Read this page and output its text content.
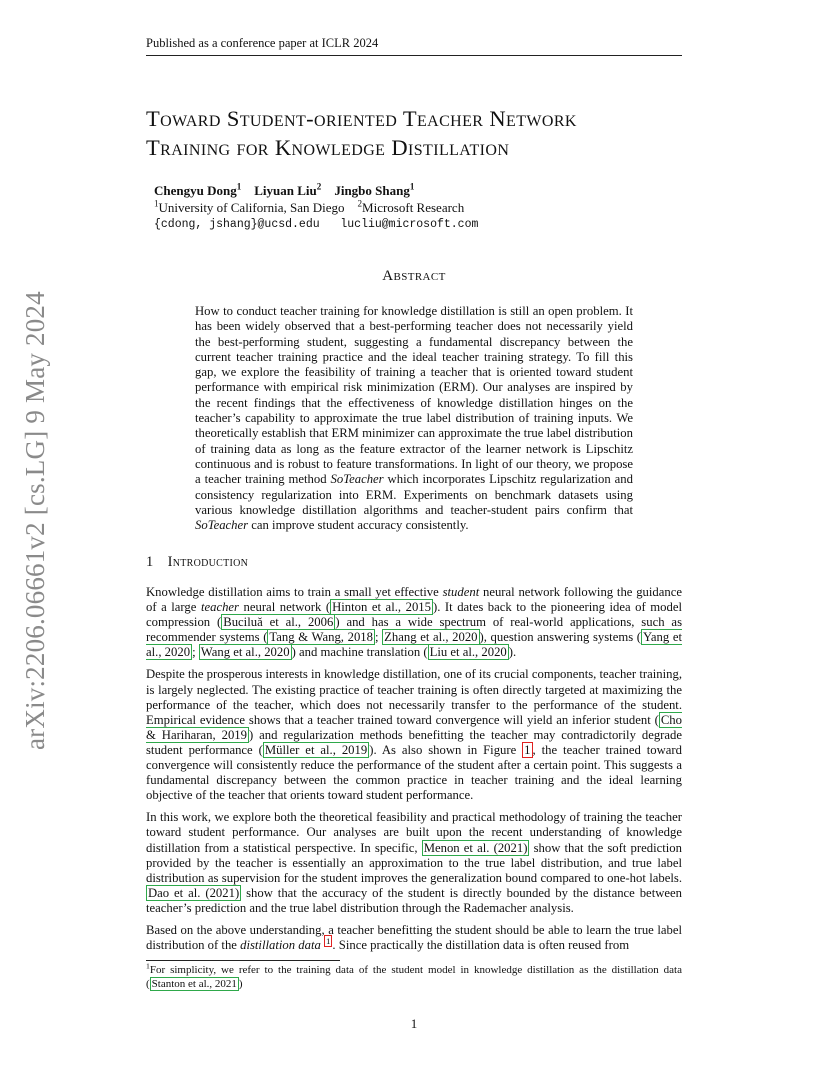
Published as a conference paper at ICLR 2024
arXiv:2206.06661v2 [cs.LG] 9 May 2024
Toward Student-oriented Teacher Network
Training for Knowledge Distillation
Chengyu Dong$^1$ Liyuan Liu$^2$ Jingbo Shang$^1$
$^1$University of California, San Diego $^2$Microsoft Research
{cdong, jshang}@ucsd.edu lucliu@microsoft.com
Abstract

How to conduct teacher training for knowledge distillation is still an open problem. It has been widely observed that a best-performing teacher does not necessarily yield the best-performing student, suggesting a fundamental discrepancy between the current teacher training practice and the ideal teacher training strategy. To fill this gap, we explore the feasibility of training a teacher that is oriented toward student performance with empirical risk minimization (ERM). Our analyses are inspired by the recent findings that the effectiveness of knowledge distillation hinges on the teacher’s capability to approximate the true label distribution of training inputs. We theoretically establish that ERM minimizer can approximate the true label distribution of training data as long as the feature extractor of the learner network is Lipschitz continuous and is robust to feature transformations. In light of our theory, we propose a teacher training method SoTeacher which incorporates Lipschitz regularization and consistency regularization into ERM. Experiments on benchmark datasets using various knowledge distillation algorithms and teacher-student pairs confirm that SoTeacher can improve student accuracy consistently.

1 Introduction

Knowledge distillation aims to train a small yet effective student neural network following the guidance of a large teacher neural network ( Hinton et al., 2015 ). It dates back to the pioneering idea of model compression ( Buciluǎ et al., 2006 ) and has a wide spectrum of real-world applications, such as recommender systems ( Tang & Wang, 2018 ; Zhang et al., 2020 ), question answering systems ( Yang et al., 2020 ; Wang et al., 2020 ) and machine translation ( Liu et al., 2020 ).

Despite the prosperous interests in knowledge distillation, one of its crucial components, teacher training, is largely neglected. The existing practice of teacher training is often directly targeted at maximizing the performance of the teacher, which does not necessarily transfer to the performance of the student. Empirical evidence shows that a teacher trained toward convergence will yield an inferior student ( Cho & Hariharan, 2019 ) and regularization methods benefitting the teacher may contradictorily degrade student performance ( Müller et al., 2019 ). As also shown in Figure 1 , the teacher trained toward convergence will consistently reduce the performance of the student after a certain point. This suggests a fundamental discrepancy between the common practice in teacher training and the ideal learning objective of the teacher that orients toward student performance.

In this work, we explore both the theoretical feasibility and practical methodology of training the teacher toward student performance. Our analyses are built upon the recent understanding of knowledge distillation from a statistical perspective. In specific, Menon et al. (2021) show that the soft prediction provided by the teacher is essentially an approximation to the true label distribution, and true label distribution as supervision for the student improves the generalization bound compared to one-hot labels. Dao et al. (2021) show that the accuracy of the student is directly bounded by the distance between teacher’s prediction and the true label distribution through the Rademacher analysis.

Based on the above understanding, a teacher benefitting the student should be able to learn the true label distribution of the distillation data $^1$ . Since practically the distillation data is often reused from

$^1$For simplicity, we refer to the training data of the student model in knowledge distillation as the distillation data ( Stanton et al., 2021 )
1
